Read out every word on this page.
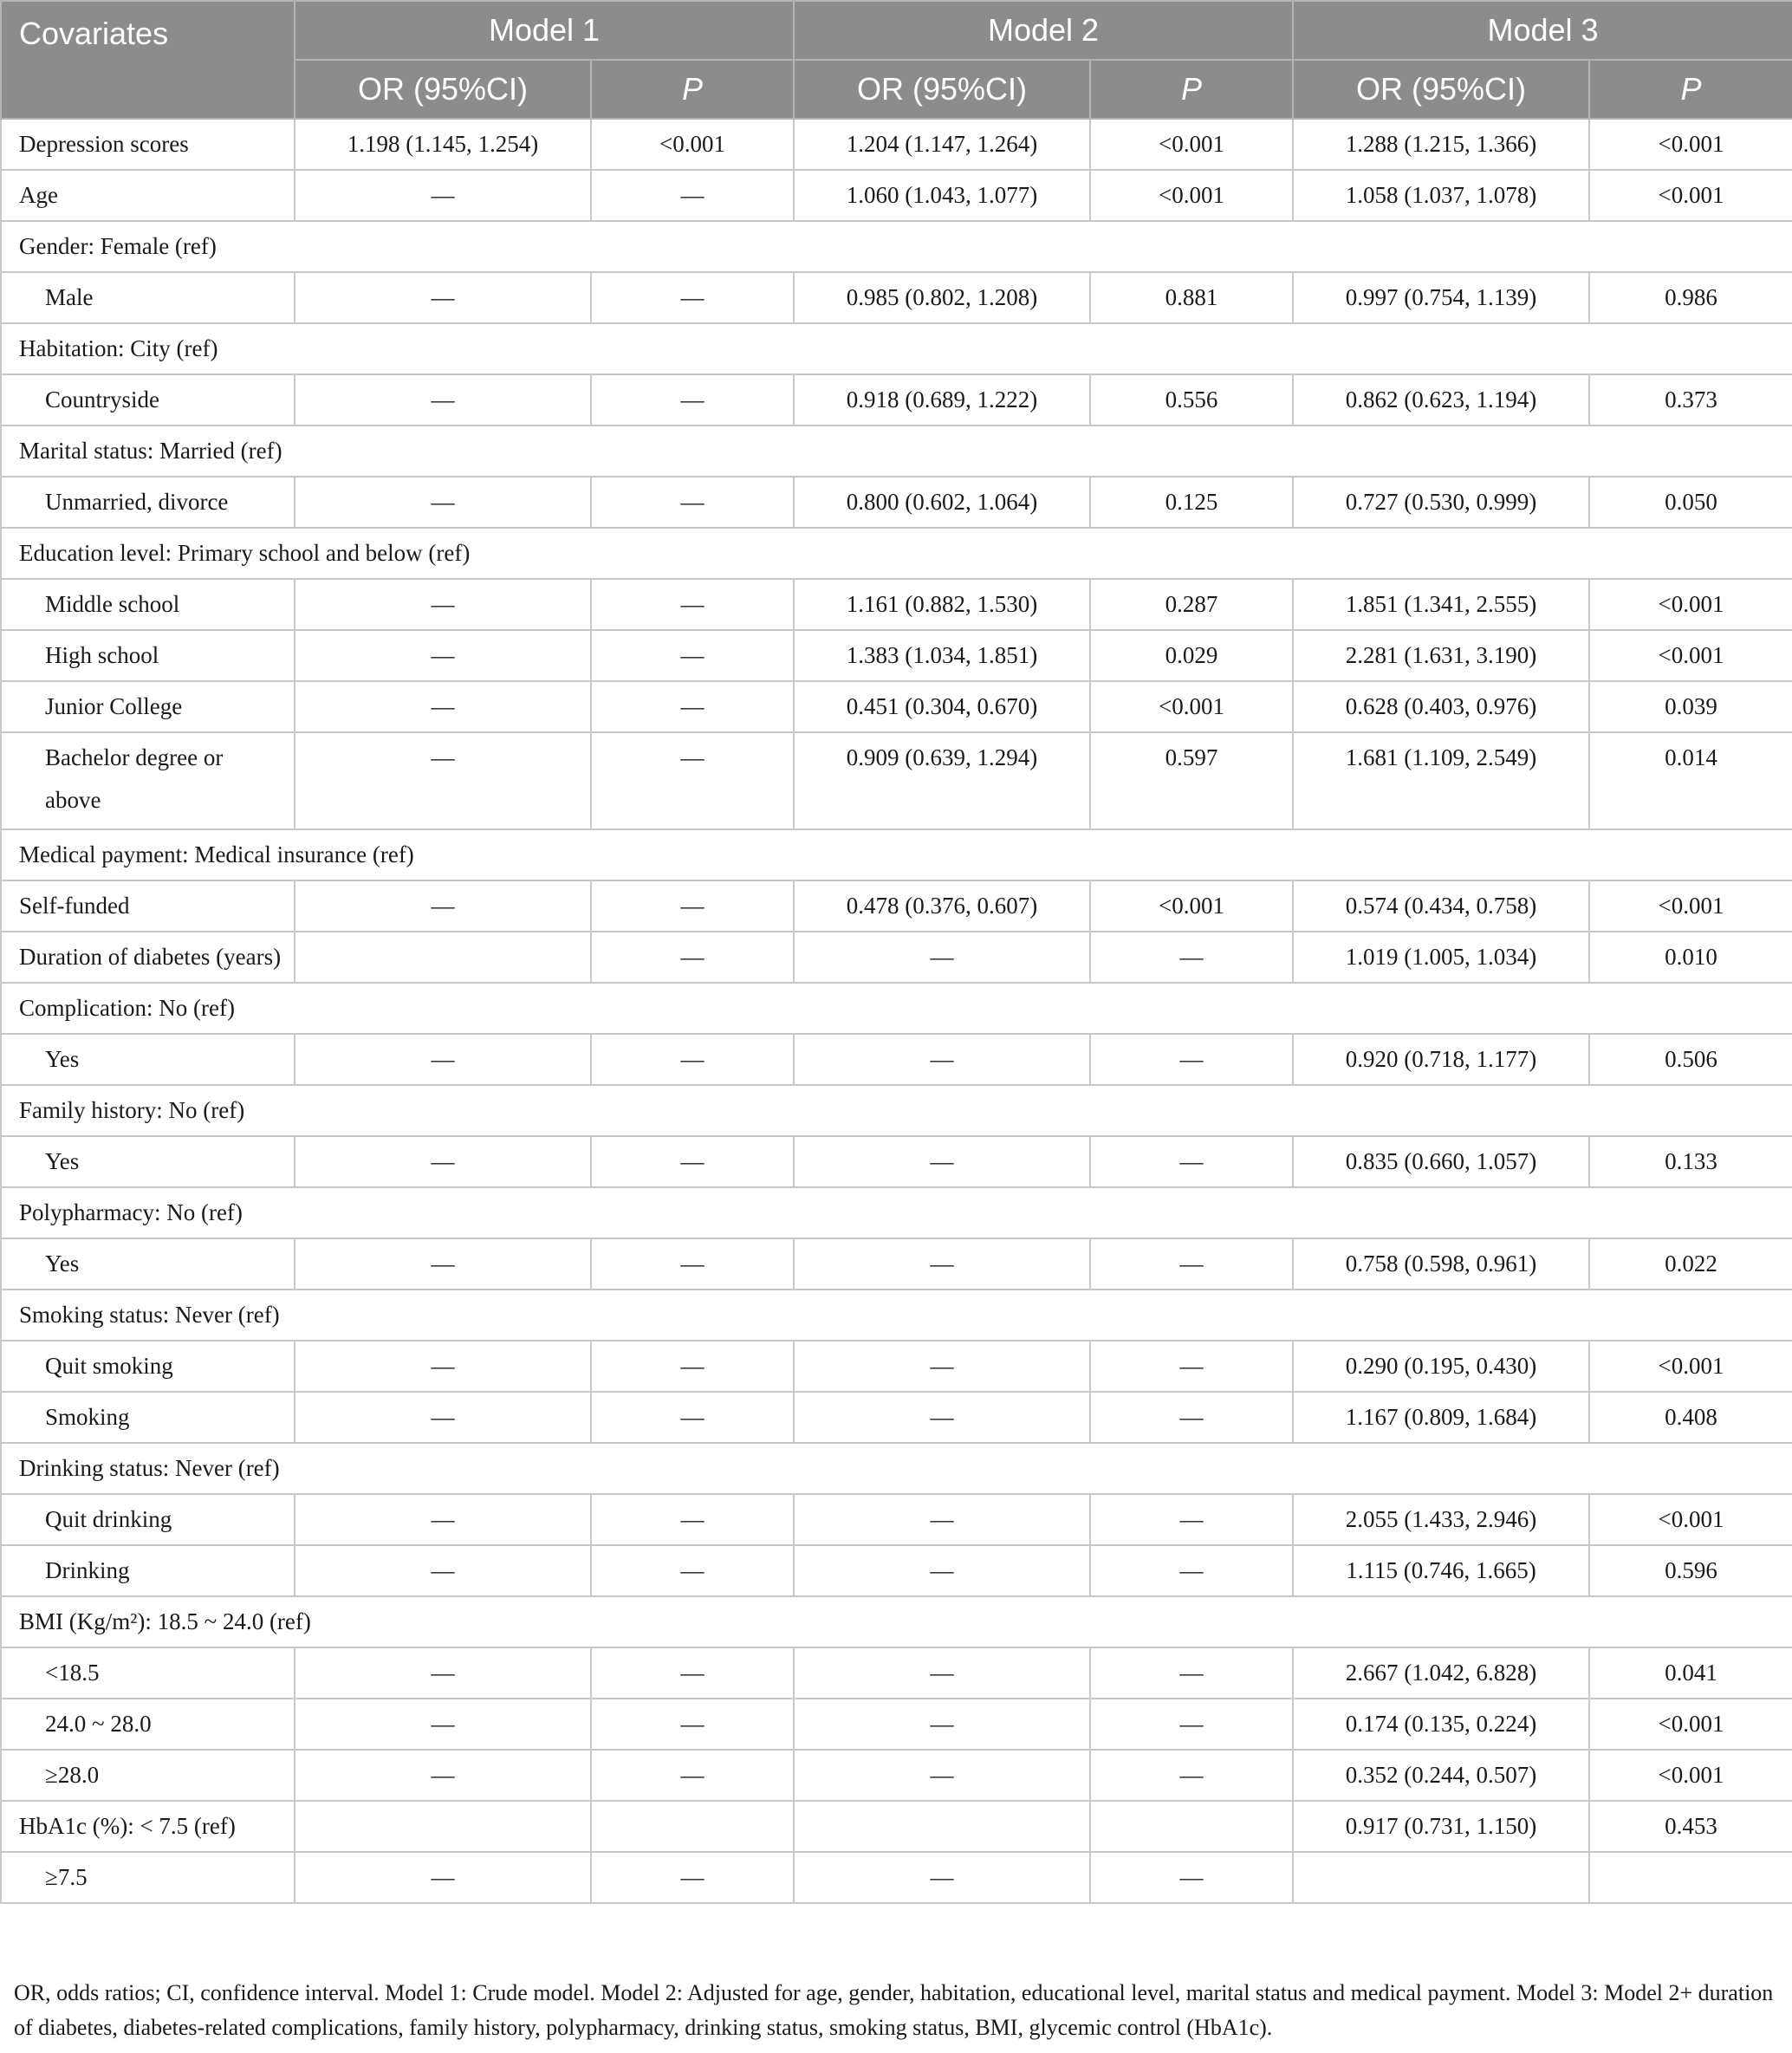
Covariates	Model 1		Model 2		Model 3	
	OR (95%CI)	P	OR (95%CI)	P	OR (95%CI)	P
Depression scores	1.198 (1.145, 1.254)	<0.001	1.204 (1.147, 1.264)	<0.001	1.288 (1.215, 1.366)	<0.001
Age	—	—	1.060 (1.043, 1.077)	<0.001	1.058 (1.037, 1.078)	<0.001
Gender: Female (ref)						
Male	—	—	0.985 (0.802, 1.208)	0.881	0.997 (0.754, 1.139)	0.986
Habitation: City (ref)						
Countryside	—	—	0.918 (0.689, 1.222)	0.556	0.862 (0.623, 1.194)	0.373
Marital status: Married (ref)						
Unmarried, divorce	—	—	0.800 (0.602, 1.064)	0.125	0.727 (0.530, 0.999)	0.050
Education level: Primary school and below (ref)						
Middle school	—	—	1.161 (0.882, 1.530)	0.287	1.851 (1.341, 2.555)	<0.001
High school	—	—	1.383 (1.034, 1.851)	0.029	2.281 (1.631, 3.190)	<0.001
Junior College	—	—	0.451 (0.304, 0.670)	<0.001	0.628 (0.403, 0.976)	0.039
Bachelor degree or above	—	—	0.909 (0.639, 1.294)	0.597	1.681 (1.109, 2.549)	0.014
Medical payment: Medical insurance (ref)						
Self-funded	—	—	0.478 (0.376, 0.607)	<0.001	0.574 (0.434, 0.758)	<0.001
Duration of diabetes (years)		—	—	—	1.019 (1.005, 1.034)	0.010
Complication: No (ref)						
Yes	—	—	—	—	0.920 (0.718, 1.177)	0.506
Family history: No (ref)						
Yes	—	—	—	—	0.835 (0.660, 1.057)	0.133
Polypharmacy: No (ref)						
Yes	—	—	—	—	0.758 (0.598, 0.961)	0.022
Smoking status: Never (ref)						
Quit smoking	—	—	—	—	0.290 (0.195, 0.430)	<0.001
Smoking	—	—	—	—	1.167 (0.809, 1.684)	0.408
Drinking status: Never (ref)						
Quit drinking	—	—	—	—	2.055 (1.433, 2.946)	<0.001
Drinking	—	—	—	—	1.115 (0.746, 1.665)	0.596
BMI (Kg/m²): 18.5 ~ 24.0 (ref)						
<18.5	—	—	—	—	2.667 (1.042, 6.828)	0.041
24.0 ~ 28.0	—	—	—	—	0.174 (0.135, 0.224)	<0.001
≥28.0	—	—	—	—	0.352 (0.244, 0.507)	<0.001
HbA1c (%): < 7.5 (ref)					0.917 (0.731, 1.150)	0.453
≥7.5	—	—	—	—		
OR, odds ratios; CI, confidence interval. Model 1: Crude model. Model 2: Adjusted for age, gender, habitation, educational level, marital status and medical payment. Model 3: Model 2+ duration of diabetes, diabetes-related complications, family history, polypharmacy, drinking status, smoking status, BMI, glycemic control (HbA1c).
